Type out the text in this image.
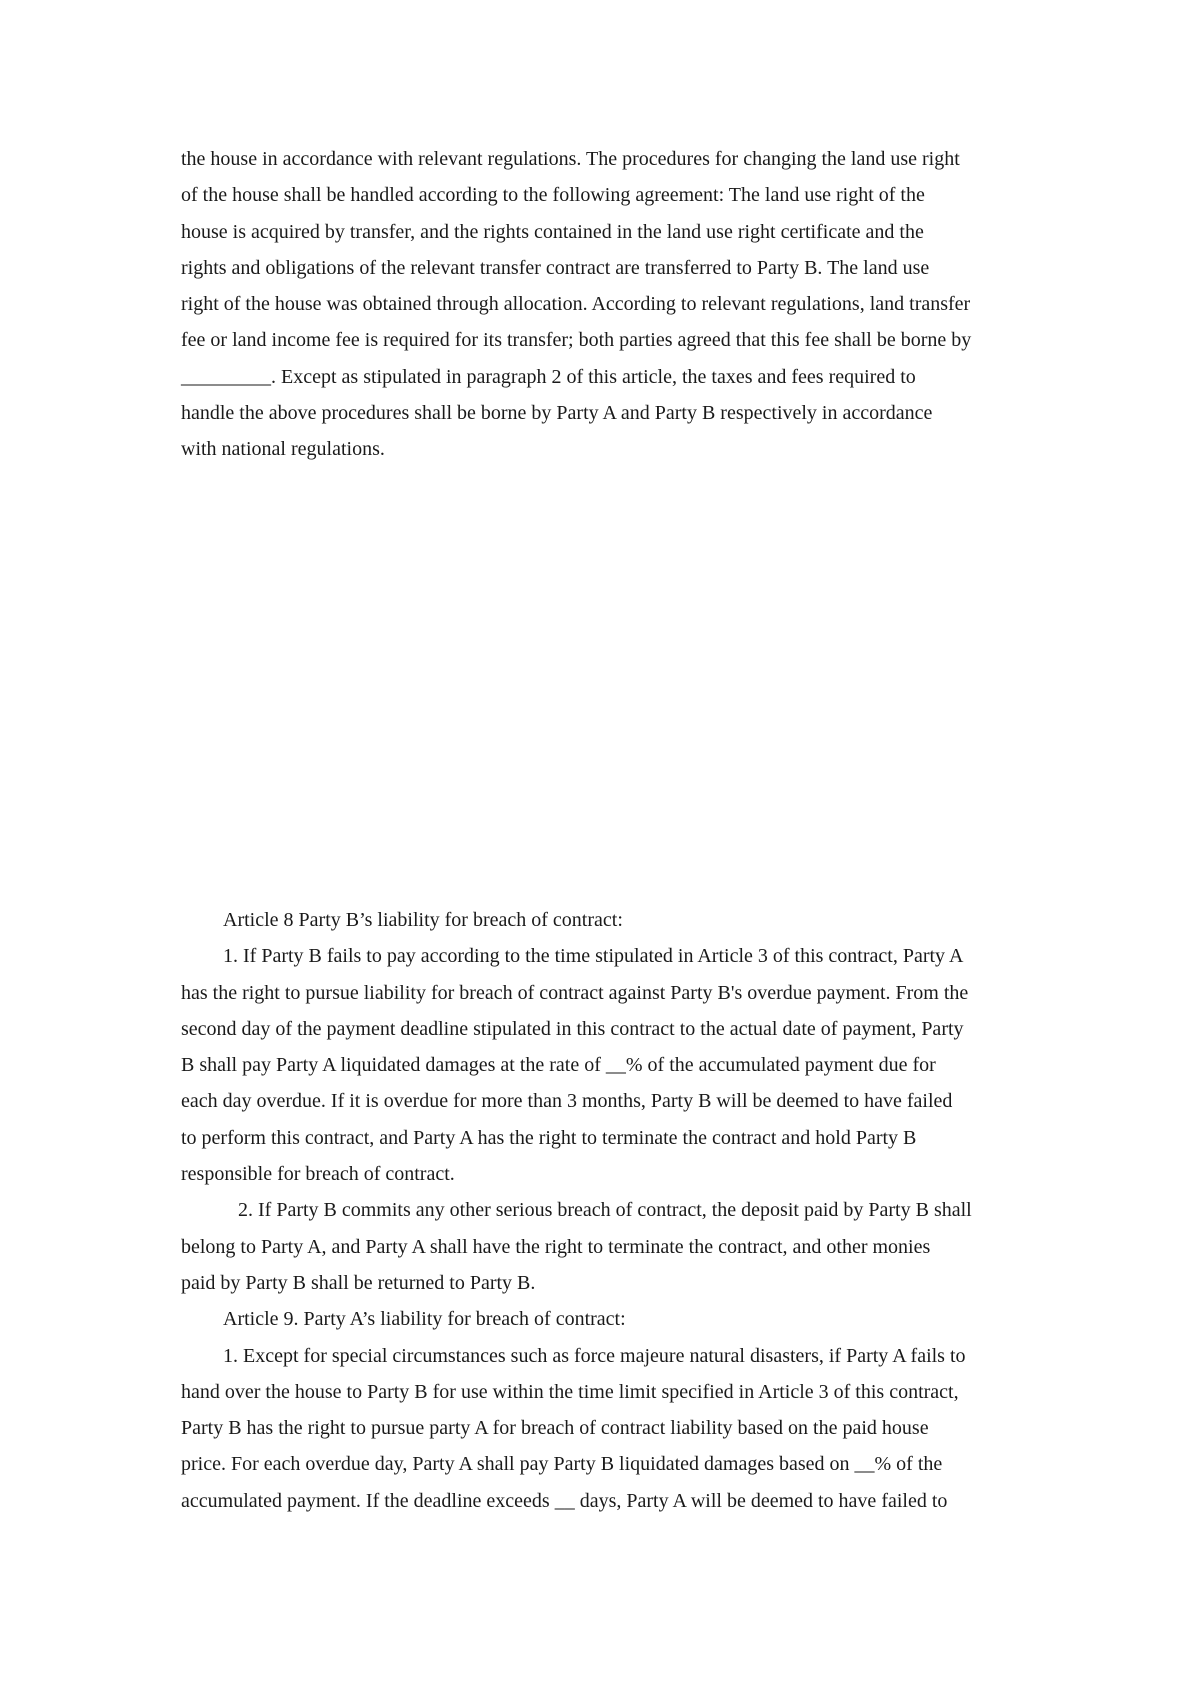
the house in accordance with relevant regulations. The procedures for changing the land use right

of the house shall be handled according to the following agreement: The land use right of the

house is acquired by transfer, and the rights contained in the land use right certificate and the

rights and obligations of the relevant transfer contract are transferred to Party B. The land use

right of the house was obtained through allocation. According to relevant regulations, land transfer

fee or land income fee is required for its transfer; both parties agreed that this fee shall be borne by

_________. Except as stipulated in paragraph 2 of this article, the taxes and fees required to

handle the above procedures shall be borne by Party A and Party B respectively in accordance

with national regulations.

Article 8 Party B’s liability for breach of contract:

1. If Party B fails to pay according to the time stipulated in Article 3 of this contract, Party A

has the right to pursue liability for breach of contract against Party B's overdue payment. From the

second day of the payment deadline stipulated in this contract to the actual date of payment, Party

B shall pay Party A liquidated damages at the rate of __% of the accumulated payment due for

each day overdue. If it is overdue for more than 3 months, Party B will be deemed to have failed

to perform this contract, and Party A has the right to terminate the contract and hold Party B

responsible for breach of contract.

2. If Party B commits any other serious breach of contract, the deposit paid by Party B shall

belong to Party A, and Party A shall have the right to terminate the contract, and other monies

paid by Party B shall be returned to Party B.

Article 9. Party A’s liability for breach of contract:

1. Except for special circumstances such as force majeure natural disasters, if Party A fails to

hand over the house to Party B for use within the time limit specified in Article 3 of this contract,

Party B has the right to pursue party A for breach of contract liability based on the paid house

price. For each overdue day, Party A shall pay Party B liquidated damages based on __% of the

accumulated payment. If the deadline exceeds __ days, Party A will be deemed to have failed to
